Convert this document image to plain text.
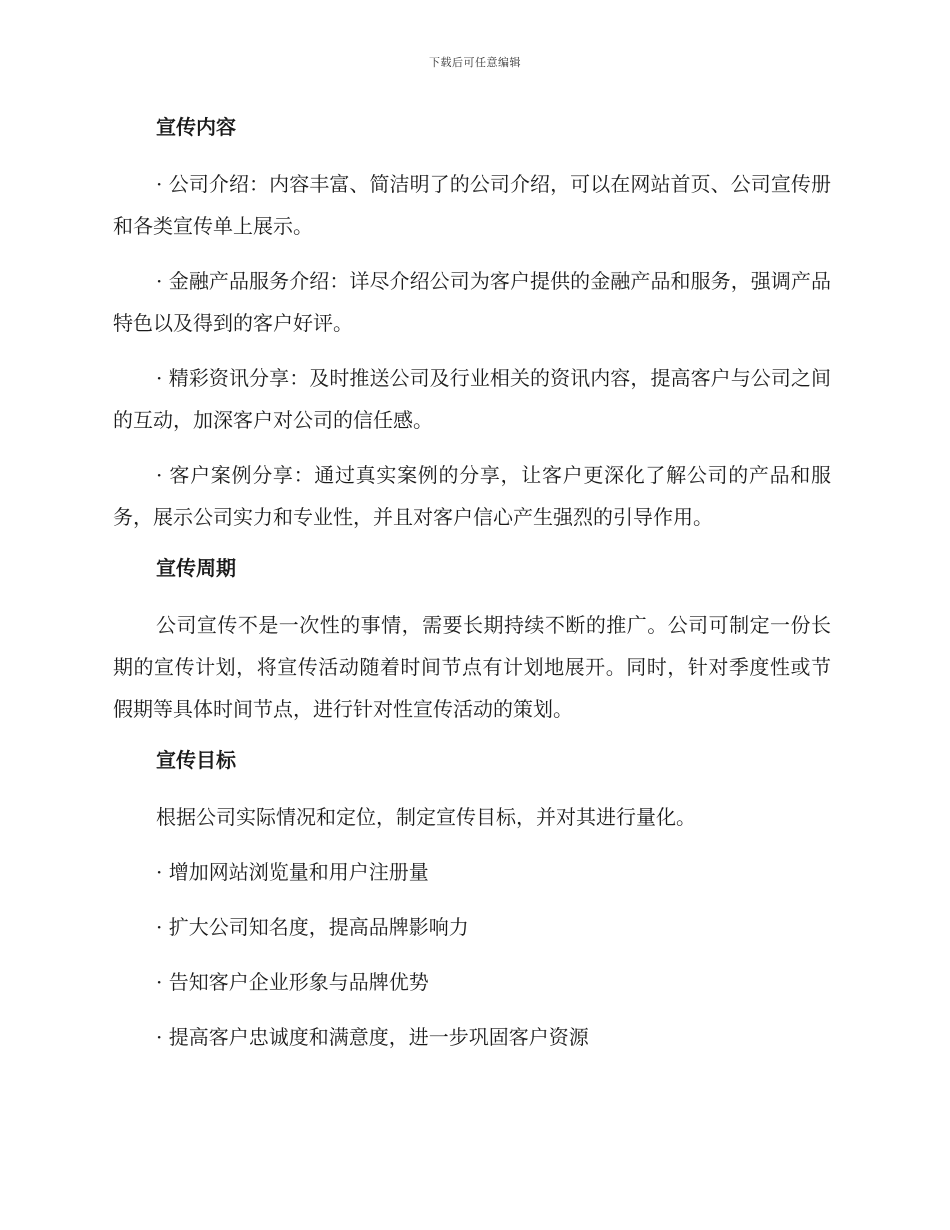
下载后可任意编辑
宣传内容

· 公司介绍：内容丰富、简洁明了的公司介绍，可以在网站首页、公司宣传册和各类宣传单上展示。

· 金融产品服务介绍：详尽介绍公司为客户提供的金融产品和服务，强调产品特色以及得到的客户好评。

· 精彩资讯分享：及时推送公司及行业相关的资讯内容，提高客户与公司之间的互动，加深客户对公司的信任感。

· 客户案例分享：通过真实案例的分享，让客户更深化了解公司的产品和服务，展示公司实力和专业性，并且对客户信心产生强烈的引导作用。

宣传周期

公司宣传不是一次性的事情，需要长期持续不断的推广。公司可制定一份长期的宣传计划，将宣传活动随着时间节点有计划地展开。同时，针对季度性或节假期等具体时间节点，进行针对性宣传活动的策划。

宣传目标

根据公司实际情况和定位，制定宣传目标，并对其进行量化。

· 增加网站浏览量和用户注册量

· 扩大公司知名度，提高品牌影响力

· 告知客户企业形象与品牌优势

· 提高客户忠诚度和满意度，进一步巩固客户资源
